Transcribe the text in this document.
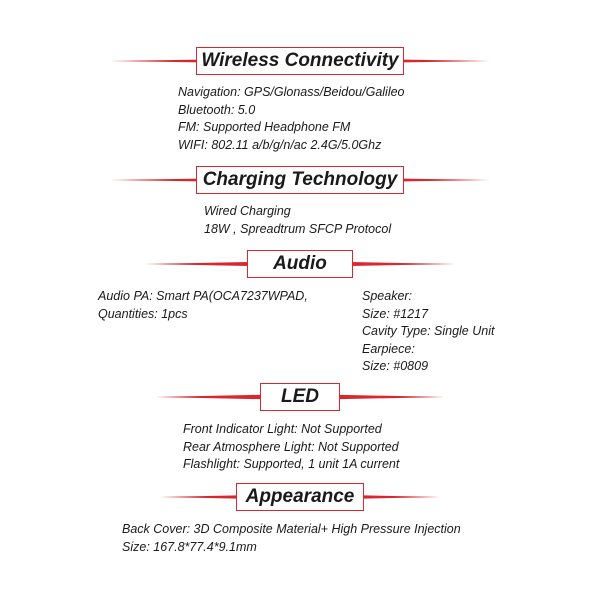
Wireless Connectivity
Navigation: GPS/Glonass/Beidou/Galileo
Bluetooth: 5.0
FM: Supported Headphone FM
WIFI: 802.11 a/b/g/n/ac 2.4G/5.0Ghz
Charging Technology
Wired Charging
18W , Spreadtrum SFCP Protocol
Audio
Audio PA: Smart PA(OCA7237WPAD,
Quantities: 1pcs
Speaker:
Size: #1217
Cavity Type: Single Unit
Earpiece:
Size: #0809
LED
Front Indicator Light: Not Supported
Rear Atmosphere Light: Not Supported
Flashlight: Supported, 1 unit 1A current
Appearance
Back Cover: 3D Composite Material+ High Pressure Injection
Size: 167.8*77.4*9.1mm
